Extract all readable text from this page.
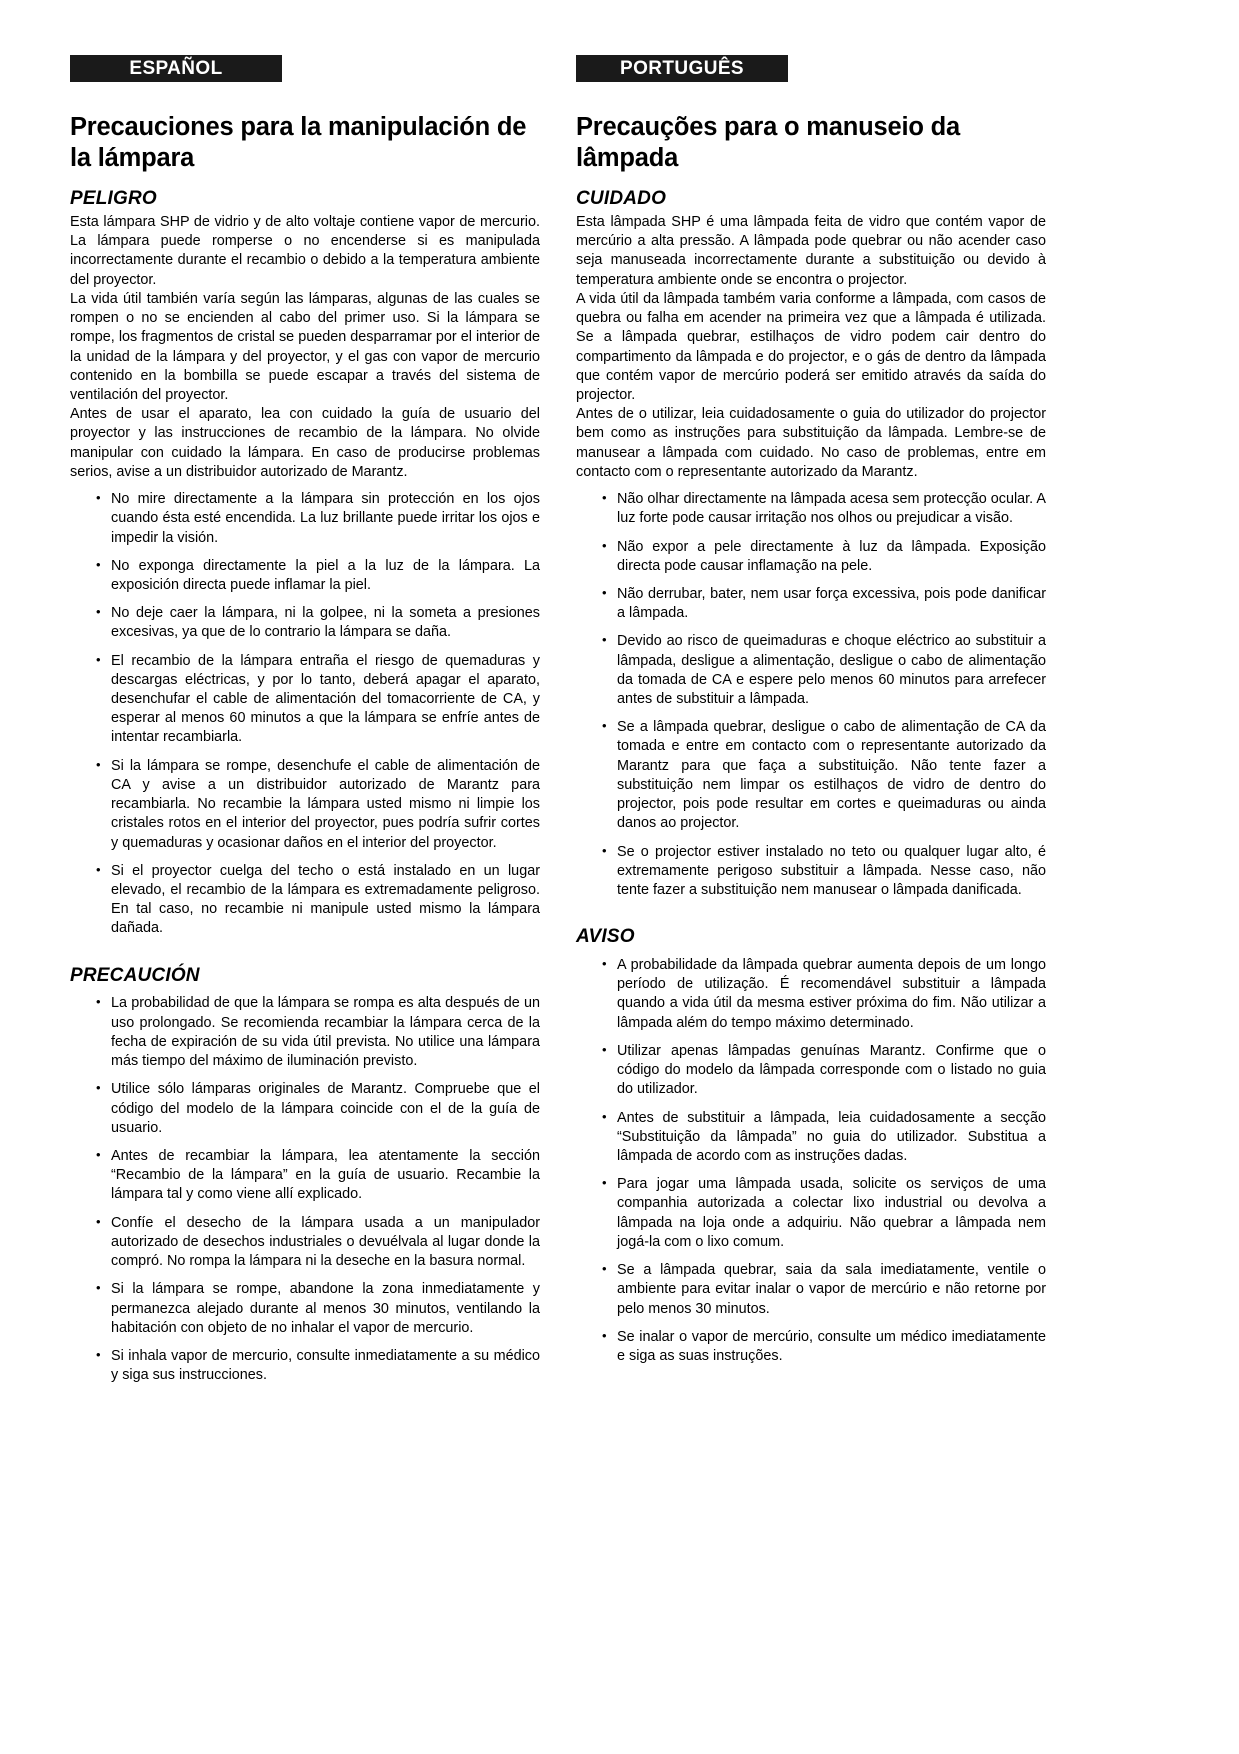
ESPAÑOL
Precauciones para la manipulación de la lámpara
PELIGRO

Esta lámpara SHP de vidrio y de alto voltaje contiene vapor de mercurio. La lámpara puede romperse o no encenderse si es manipulada incorrectamente durante el recambio o debido a la temperatura ambiente del proyector.

La vida útil también varía según las lámparas, algunas de las cuales se rompen o no se encienden al cabo del primer uso. Si la lámpara se rompe, los fragmentos de cristal se pueden desparramar por el interior de la unidad de la lámpara y del proyector, y el gas con vapor de mercurio contenido en la bombilla se puede escapar a través del sistema de ventilación del proyector.

Antes de usar el aparato, lea con cuidado la guía de usuario del proyector y las instrucciones de recambio de la lámpara. No olvide manipular con cuidado la lámpara. En caso de producirse problemas serios, avise a un distribuidor autorizado de Marantz.

• No mire directamente a la lámpara sin protección en los ojos cuando ésta esté encendida. La luz brillante puede irritar los ojos e impedir la visión.
• No exponga directamente la piel a la luz de la lámpara. La exposición directa puede inflamar la piel.
• No deje caer la lámpara, ni la golpee, ni la someta a presiones excesivas, ya que de lo contrario la lámpara se daña.
• El recambio de la lámpara entraña el riesgo de quemaduras y descargas eléctricas, y por lo tanto, deberá apagar el aparato, desenchufar el cable de alimentación del tomacorriente de CA, y esperar al menos 60 minutos a que la lámpara se enfríe antes de intentar recambiarla.
• Si la lámpara se rompe, desenchufe el cable de alimentación de CA y avise a un distribuidor autorizado de Marantz para recambiarla. No recambie la lámpara usted mismo ni limpie los cristales rotos en el interior del proyector, pues podría sufrir cortes y quemaduras y ocasionar daños en el interior del proyector.
• Si el proyector cuelga del techo o está instalado en un lugar elevado, el recambio de la lámpara es extremadamente peligroso. En tal caso, no recambie ni manipule usted mismo la lámpara dañada.
PRECAUCIÓN
• La probabilidad de que la lámpara se rompa es alta después de un uso prolongado. Se recomienda recambiar la lámpara cerca de la fecha de expiración de su vida útil prevista. No utilice una lámpara más tiempo del máximo de iluminación previsto.
• Utilice sólo lámparas originales de Marantz. Compruebe que el código del modelo de la lámpara coincide con el de la guía de usuario.
• Antes de recambiar la lámpara, lea atentamente la sección “Recambio de la lámpara” en la guía de usuario. Recambie la lámpara tal y como viene allí explicado.
• Confíe el desecho de la lámpara usada a un manipulador autorizado de desechos industriales o devuélvala al lugar donde la compró. No rompa la lámpara ni la deseche en la basura normal.
• Si la lámpara se rompe, abandone la zona inmediatamente y permanezca alejado durante al menos 30 minutos, ventilando la habitación con objeto de no inhalar el vapor de mercurio.
• Si inhala vapor de mercurio, consulte inmediatamente a su médico y siga sus instrucciones.
PORTUGUÊS
Precauções para o manuseio da lâmpada
CUIDADO

Esta lâmpada SHP é uma lâmpada feita de vidro que contém vapor de mercúrio a alta pressão. A lâmpada pode quebrar ou não acender caso seja manuseada incorrectamente durante a substituição ou devido à temperatura ambiente onde se encontra o projector.

A vida útil da lâmpada também varia conforme a lâmpada, com casos de quebra ou falha em acender na primeira vez que a lâmpada é utilizada. Se a lâmpada quebrar, estilhaços de vidro podem cair dentro do compartimento da lâmpada e do projector, e o gás de dentro da lâmpada que contém vapor de mercúrio poderá ser emitido através da saída do projector.

Antes de o utilizar, leia cuidadosamente o guia do utilizador do projector bem como as instruções para substituição da lâmpada. Lembre-se de manusear a lâmpada com cuidado. No caso de problemas, entre em contacto com o representante autorizado da Marantz.

• Não olhar directamente na lâmpada acesa sem protecção ocular. A luz forte pode causar irritação nos olhos ou prejudicar a visão.
• Não expor a pele directamente à luz da lâmpada. Exposição directa pode causar inflamação na pele.
• Não derrubar, bater, nem usar força excessiva, pois pode danificar a lâmpada.
• Devido ao risco de queimaduras e choque eléctrico ao substituir a lâmpada, desligue a alimentação, desligue o cabo de alimentação da tomada de CA e espere pelo menos 60 minutos para arrefecer antes de substituir a lâmpada.
• Se a lâmpada quebrar, desligue o cabo de alimentação de CA da tomada e entre em contacto com o representante autorizado da Marantz para que faça a substituição. Não tente fazer a substituição nem limpar os estilhaços de vidro de dentro do projector, pois pode resultar em cortes e queimaduras ou ainda danos ao projector.
• Se o projector estiver instalado no teto ou qualquer lugar alto, é extremamente perigoso substituir a lâmpada. Nesse caso, não tente fazer a substituição nem manusear o lâmpada danificada.
AVISO
• A probabilidade da lâmpada quebrar aumenta depois de um longo período de utilização. É recomendável substituir a lâmpada quando a vida útil da mesma estiver próxima do fim. Não utilizar a lâmpada além do tempo máximo determinado.
• Utilizar apenas lâmpadas genuínas Marantz. Confirme que o código do modelo da lâmpada corresponde com o listado no guia do utilizador.
• Antes de substituir a lâmpada, leia cuidadosamente a secção “Substituição da lâmpada” no guia do utilizador. Substitua a lâmpada de acordo com as instruções dadas.
• Para jogar uma lâmpada usada, solicite os serviços de uma companhia autorizada a colectar lixo industrial ou devolva a lâmpada na loja onde a adquiriu. Não quebrar a lâmpada nem jogá-la com o lixo comum.
• Se a lâmpada quebrar, saia da sala imediatamente, ventile o ambiente para evitar inalar o vapor de mercúrio e não retorne por pelo menos 30 minutos.
• Se inalar o vapor de mercúrio, consulte um médico imediatamente e siga as suas instruções.
